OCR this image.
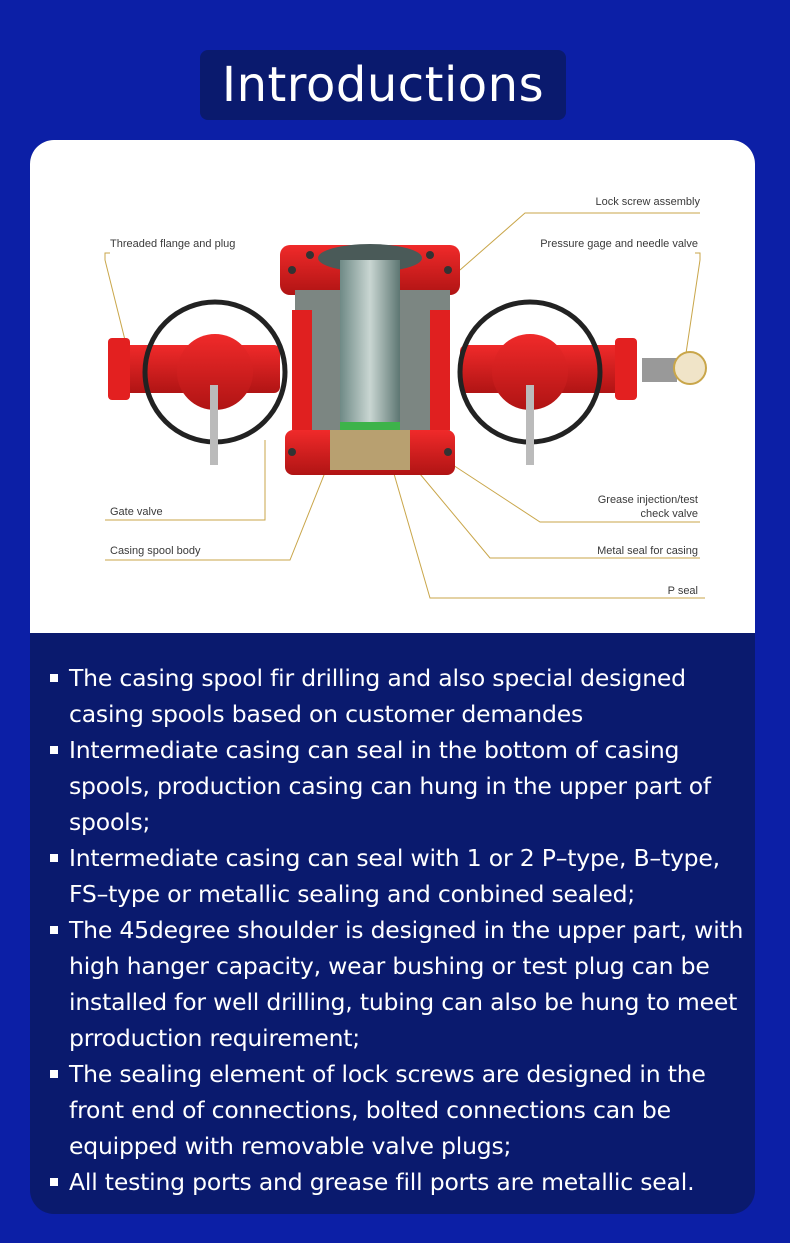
Introductions
Lock screw assembly
Threaded flange and plug	Pressure gage and needle valve
Gate valve
Grease injection/test
check valve
Casing spool body	Metal seal for casing
P seal
The casing spool fir drilling and also special designed casing spools based on customer demandes
Intermediate casing can seal in the bottom of casing spools, production casing can hung in the upper part of spools;
Intermediate casing can seal with 1 or 2 P–type, B–type, FS–type or metallic sealing and conbined sealed;
The 45degree shoulder is designed in the upper part, with high hanger capacity, wear bushing or test plug can be installed for well drilling, tubing can also be hung to meet prroduction requirement;
The sealing element of lock screws are designed in the front end of connections, bolted connections can be equipped with removable valve plugs;
All testing ports and grease fill ports are metallic seal.
